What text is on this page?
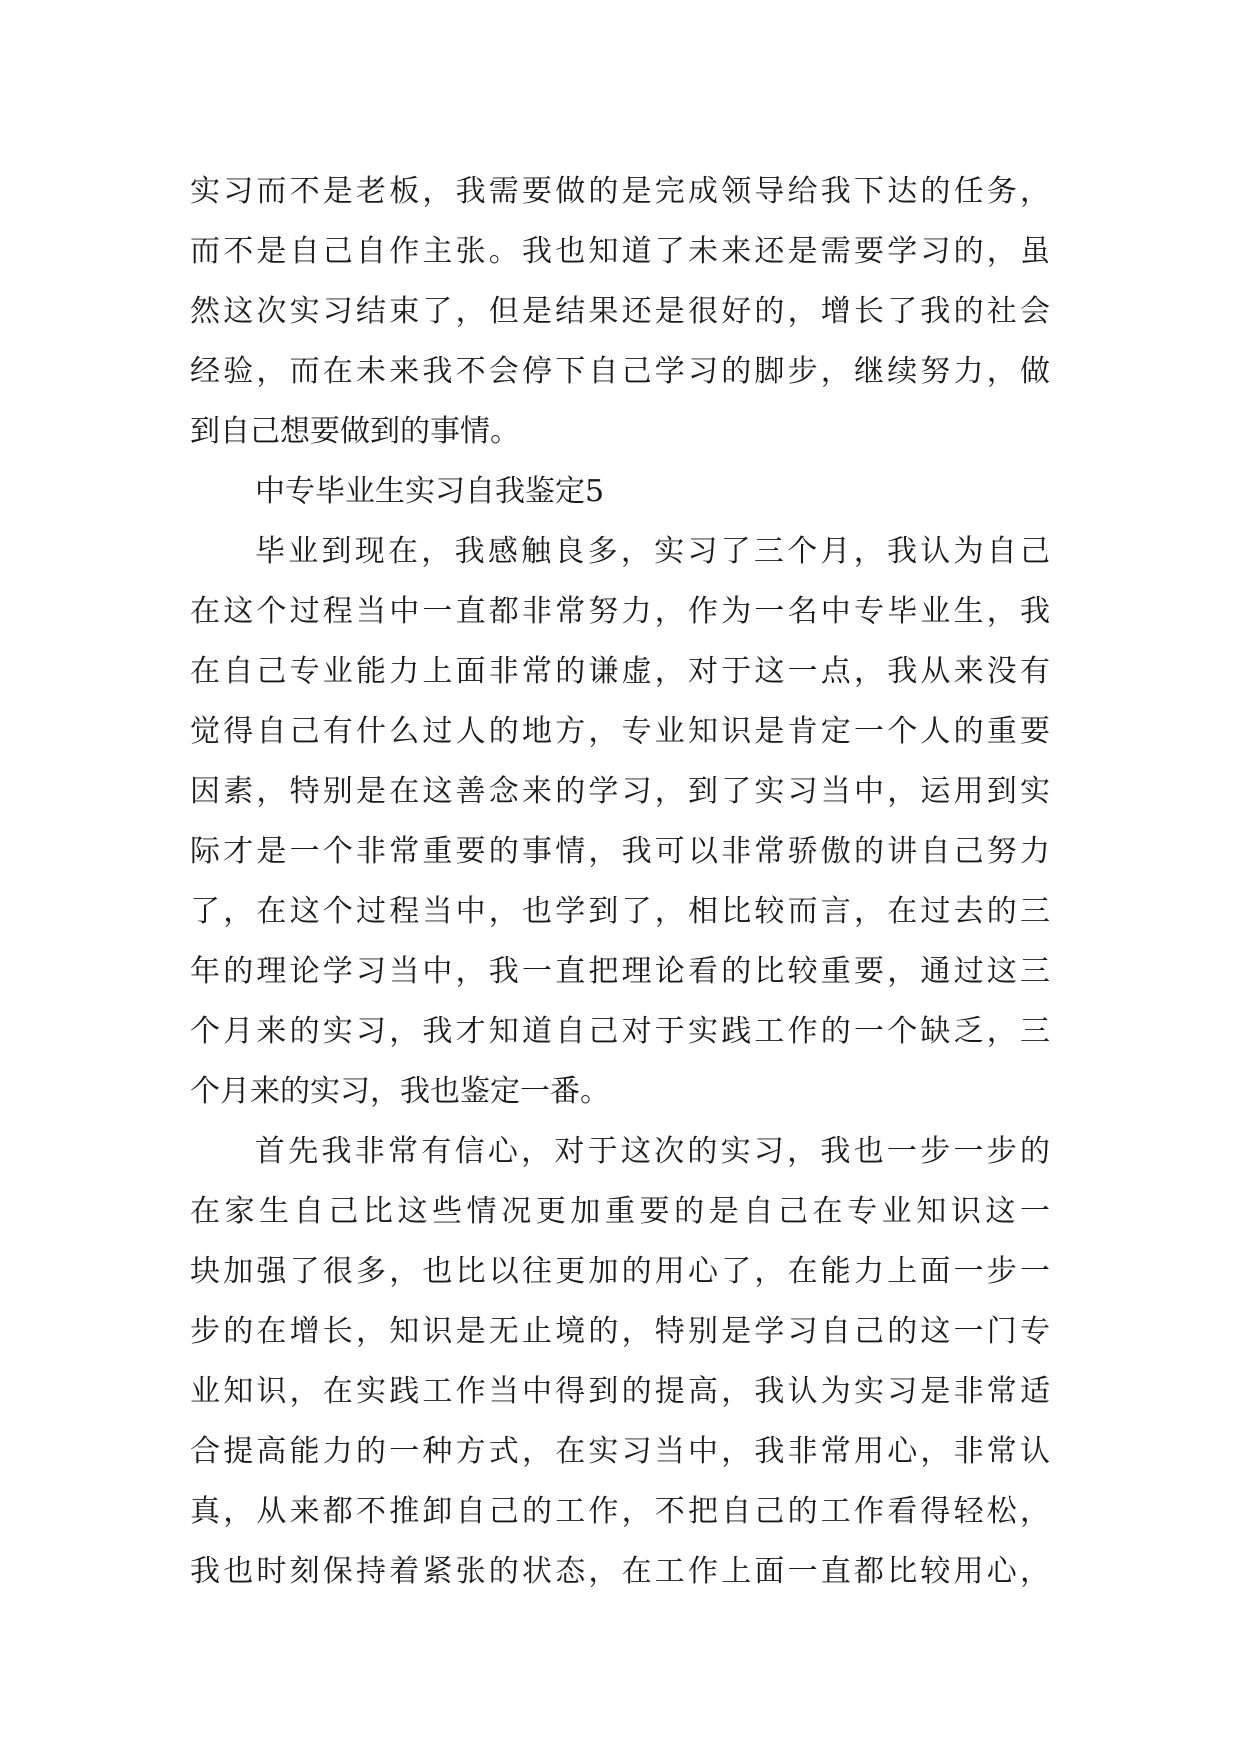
实习而不是老板，我需要做的是完成领导给我下达的任务，
而不是自己自作主张。我也知道了未来还是需要学习的，虽
然这次实习结束了，但是结果还是很好的，增长了我的社会
经验，而在未来我不会停下自己学习的脚步，继续努力，做
到自己想要做到的事情。
中专毕业生实习自我鉴定5
毕业到现在，我感触良多，实习了三个月，我认为自己
在这个过程当中一直都非常努力，作为一名中专毕业生，我
在自己专业能力上面非常的谦虚，对于这一点，我从来没有
觉得自己有什么过人的地方，专业知识是肯定一个人的重要
因素，特别是在这善念来的学习，到了实习当中，运用到实
际才是一个非常重要的事情，我可以非常骄傲的讲自己努力
了，在这个过程当中，也学到了，相比较而言，在过去的三
年的理论学习当中，我一直把理论看的比较重要，通过这三
个月来的实习，我才知道自己对于实践工作的一个缺乏，三
个月来的实习，我也鉴定一番。
首先我非常有信心，对于这次的实习，我也一步一步的
在家生自己比这些情况更加重要的是自己在专业知识这一
块加强了很多，也比以往更加的用心了，在能力上面一步一
步的在增长，知识是无止境的，特别是学习自己的这一门专
业知识，在实践工作当中得到的提高，我认为实习是非常适
合提高能力的一种方式，在实习当中，我非常用心，非常认
真，从来都不推卸自己的工作，不把自己的工作看得轻松，
我也时刻保持着紧张的状态，在工作上面一直都比较用心，
